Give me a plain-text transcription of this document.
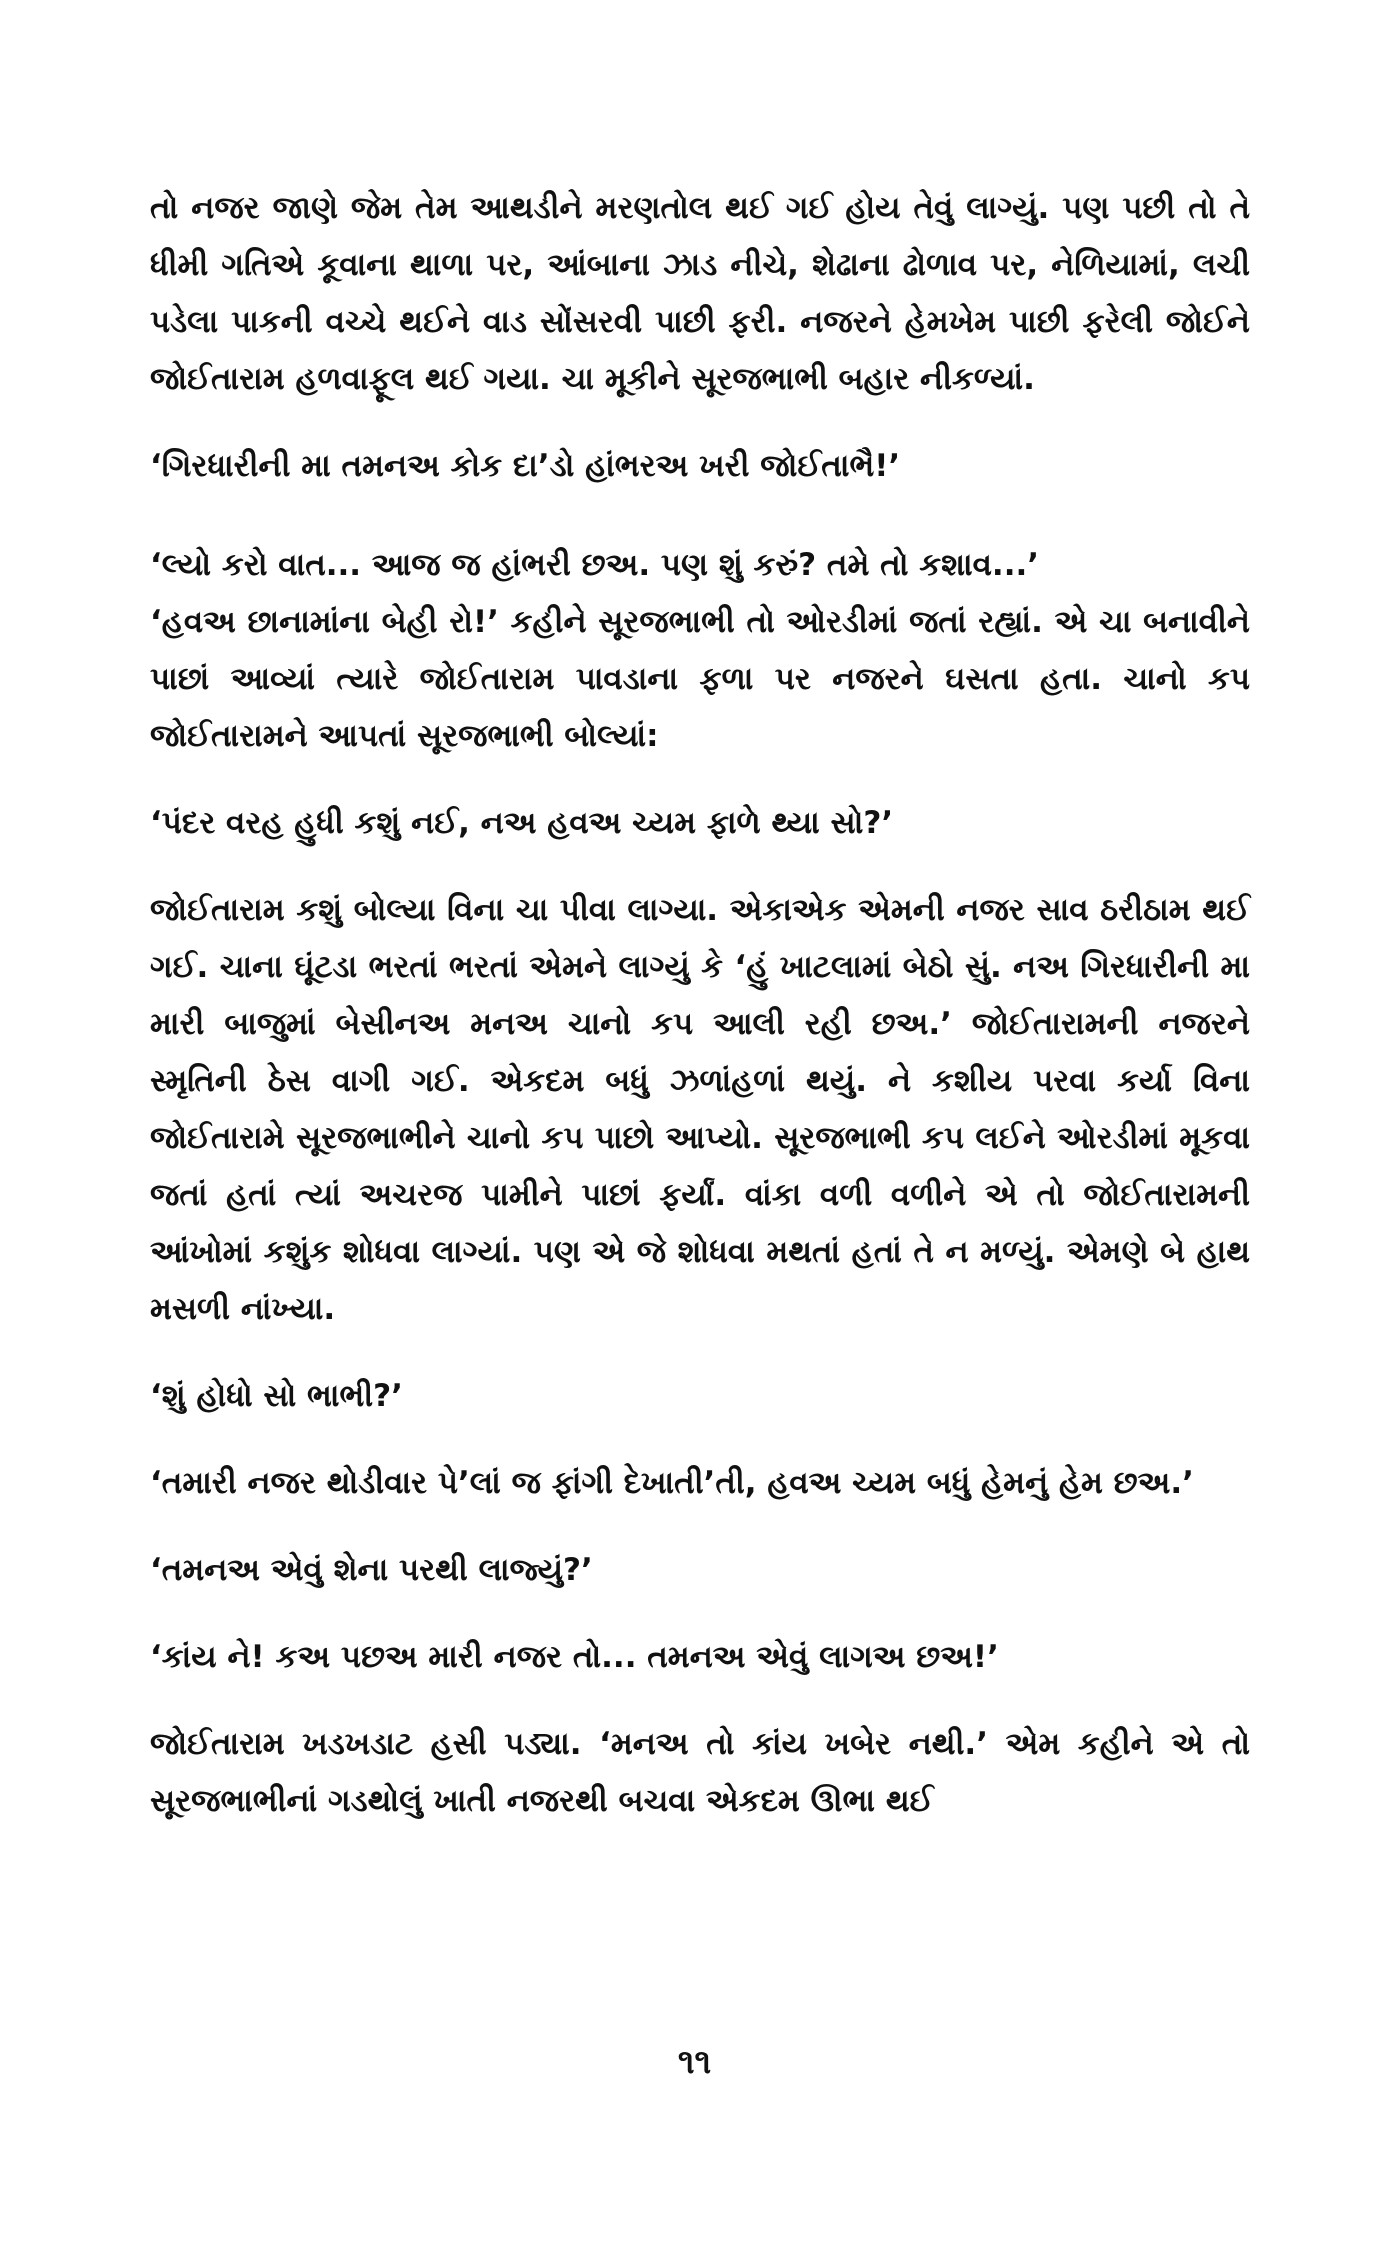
તો નજર જાણે જેમ તેમ આથડીને મરણતોલ થઈ ગઈ હોય તેવું લાગ્યું. પણ પછી તો તે ધીમી ગતિએ કૂવાના થાળા પર, આંબાના ઝાડ નીચે, શેઢાના ઢોળાવ પર, નેળિયામાં, લચી પડેલા પાકની વચ્ચે થઈને વાડ સોંસરવી પાછી ફરી. નજરને હેમખેમ પાછી ફરેલી જોઈને જોઈતારામ હળવાફૂલ થઈ ગયા. ચા મૂકીને સૂરજભાભી બહાર નીકળ્યાં.

‘ગિરધારીની મા તમનઅ કોક દા’ડો હાંભરઅ ખરી જોઈતાભૈ!’

‘લ્યો કરો વાત... આજ જ હાંભરી છઅ. પણ શું કરું? તમે તો કશાવ...’

‘હવઅ છાનામાંના બેહી રો!’ કહીને સૂરજભાભી તો ઓરડીમાં જતાં રહ્યાં. એ ચા બનાવીને પાછાં આવ્યાં ત્યારે જોઈતારામ પાવડાના ફળા પર નજરને ઘસતા હતા. ચાનો કપ જોઈતારામને આપતાં સૂરજભાભી બોલ્યાં:

‘પંદર વરહ હુધી કશું નઈ, નઅ હવઅ ચ્યમ ફાળે થ્યા સો?’

જોઈતારામ કશું બોલ્યા વિના ચા પીવા લાગ્યા. એકાએક એમની નજર સાવ ઠરીઠામ થઈ ગઈ. ચાના ઘૂંટડા ભરતાં ભરતાં એમને લાગ્યું કે ‘હું ખાટલામાં બેઠો સું. નઅ ગિરધારીની મા મારી બાજુમાં બેસીનઅ મનઅ ચાનો કપ આલી રહી છઅ.’ જોઈતારામની નજરને સ્મૃતિની ઠેસ વાગી ગઈ. એકદમ બધું ઝળાંહળાં થયું. ને કશીય પરવા કર્યા વિના જોઈતારામે સૂરજભાભીને ચાનો કપ પાછો આપ્યો. સૂરજભાભી કપ લઈને ઓરડીમાં મૂકવા જતાં હતાં ત્યાં અચરજ પામીને પાછાં ફર્યાં. વાંકા વળી વળીને એ તો જોઈતારામની આંખોમાં કશુંક શોધવા લાગ્યાં. પણ એ જે શોધવા મથતાં હતાં તે ન મળ્યું. એમણે બે હાથ મસળી નાંખ્યા.

‘શું હોધો સો ભાભી?’

‘તમારી નજર થોડીવાર પે’લાં જ ફાંગી દેખાતી’તી, હવઅ ચ્યમ બધું હેમનું હેમ છઅ.’

‘તમનઅ એવું શેના પરથી લાજ્યું?’

‘કાંય ને! કઅ પછઅ મારી નજર તો... તમનઅ એવું લાગઅ છઅ!’

જોઈતારામ ખડખડાટ હસી પડ્યા. ‘મનઅ તો કાંય ખબેર નથી.’ એમ કહીને એ તો સૂરજભાભીનાં ગડથોલું ખાતી નજરથી બચવા એકદમ ઊભા થઈ

૧૧
